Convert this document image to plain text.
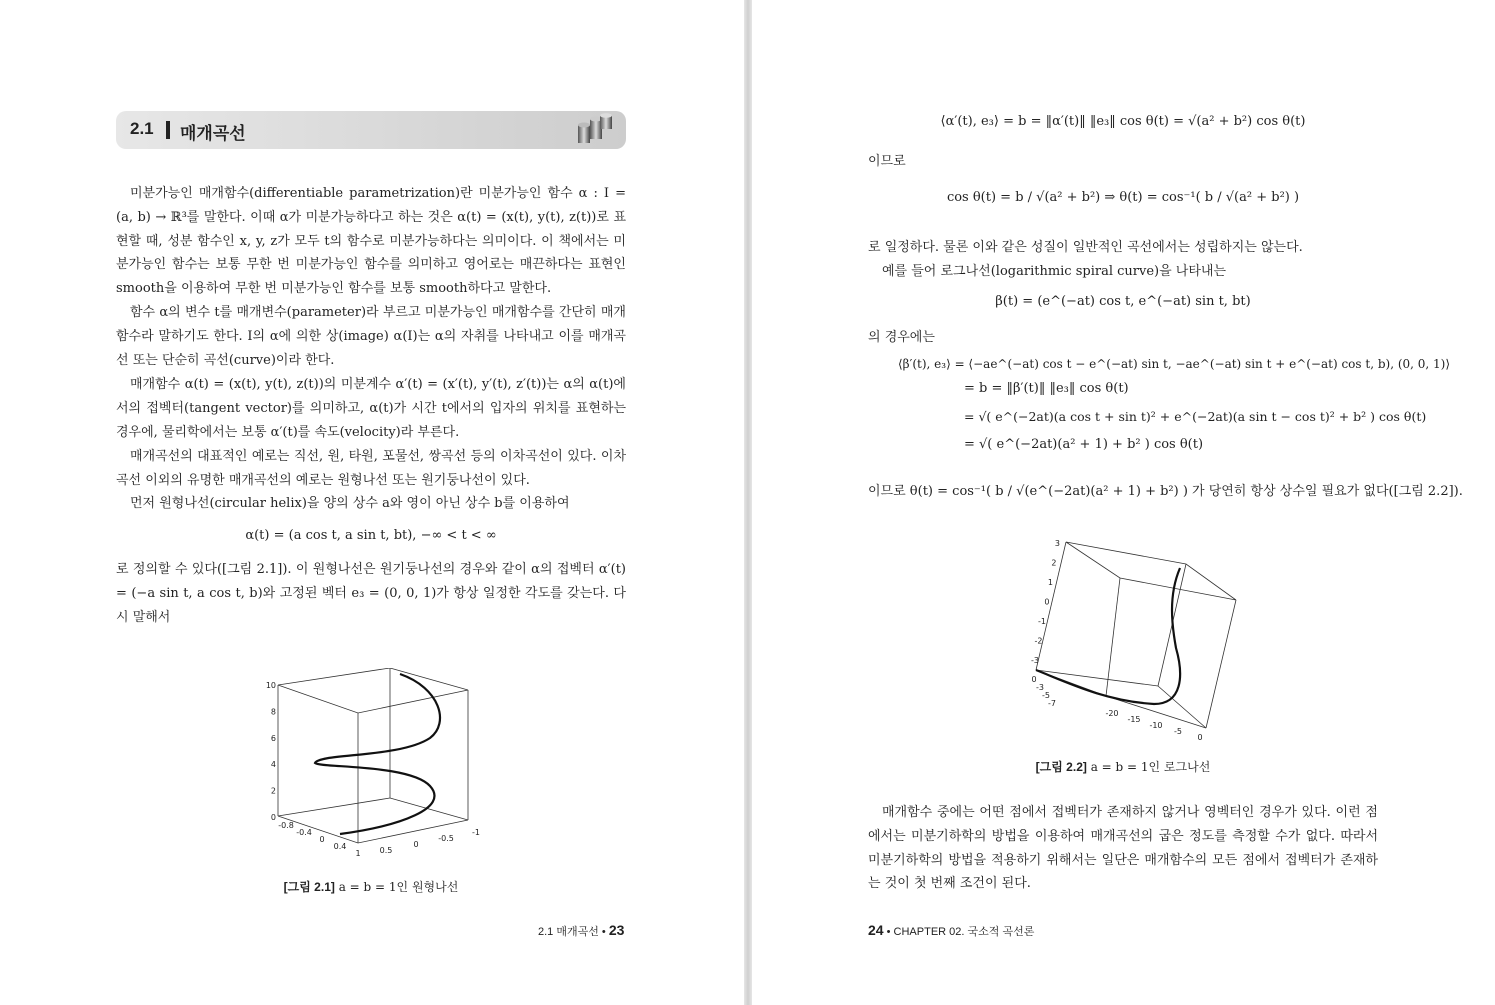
2.1 매개곡선

미분가능인 매개함수(differentiable parametrization)란 미분가능인 함수 α : I = (a, b) → ℝ³를 말한다. 이때 α가 미분가능하다고 하는 것은 α(t) = (x(t), y(t), z(t))로 표현할 때, 성분 함수인 x, y, z가 모두 t의 함수로 미분가능하다는 의미이다. 이 책에서는 미분가능인 함수는 보통 무한 번 미분가능인 함수를 의미하고 영어로는 매끈하다는 표현인 smooth을 이용하여 무한 번 미분가능인 함수를 보통 smooth하다고 말한다.

함수 α의 변수 t를 매개변수(parameter)라 부르고 미분가능인 매개함수를 간단히 매개함수라 말하기도 한다. I의 α에 의한 상(image) α(I)는 α의 자취를 나타내고 이를 매개곡선 또는 단순히 곡선(curve)이라 한다.

매개함수 α(t) = (x(t), y(t), z(t))의 미분계수 α′(t) = (x′(t), y′(t), z′(t))는 α의 α(t)에서의 접벡터(tangent vector)를 의미하고, α(t)가 시간 t에서의 입자의 위치를 표현하는 경우에, 물리학에서는 보통 α′(t)를 속도(velocity)라 부른다.

매개곡선의 대표적인 예로는 직선, 원, 타원, 포물선, 쌍곡선 등의 이차곡선이 있다. 이차곡선 이외의 유명한 매개곡선의 예로는 원형나선 또는 원기둥나선이 있다.

먼저 원형나선(circular helix)을 양의 상수 a와 영이 아닌 상수 b를 이용하여

α(t) = (a cos t, a sin t, bt), −∞ < t < ∞

로 정의할 수 있다([그림 2.1]). 이 원형나선은 원기둥나선의 경우와 같이 α의 접벡터 α′(t) = (−a sin t, a cos t, b)와 고정된 벡터 e₃ = (0, 0, 1)가 항상 일정한 각도를 갖는다. 다시 말해서

10
8
6
4
2
0
-0.8
-0.4
0
0.4
1 0.5
0
-0.5
-1
[그림 2.1] a = b = 1인 원형나선
2.1 매개곡선 • 23
⟨α′(t), e₃⟩ = b = ‖α′(t)‖ ‖e₃‖ cos θ(t) = √(a² + b²) cos θ(t)
이므로
cos θ(t) = b / √(a² + b²) ⇒ θ(t) = cos⁻¹( b / √(a² + b²) )
로 일정하다. 물론 이와 같은 성질이 일반적인 곡선에서는 성립하지는 않는다.
예를 들어 로그나선(logarithmic spiral curve)을 나타내는
β(t) = (e^(−at) cos t, e^(−at) sin t, bt)
의 경우에는
⟨β′(t), e₃⟩ = ⟨−ae^(−at) cos t − e^(−at) sin t, −ae^(−at) sin t + e^(−at) cos t, b), (0, 0, 1)⟩
= b = ‖β′(t)‖ ‖e₃‖ cos θ(t)
= √( e^(−2at)(a cos t + sin t)² + e^(−2at)(a sin t − cos t)² + b² ) cos θ(t)
= √( e^(−2at)(a² + 1) + b² ) cos θ(t)
이므로 θ(t) = cos⁻¹( b / √(e^(−2at)(a² + 1) + b²) ) 가 당연히 항상 상수일 필요가 없다([그림 2.2]).
3
2
1
0
-1
-2
-3
0
-3
-5
-7
-20
-15
-10
-5
0
[그림 2.2] a = b = 1인 로그나선

매개함수 중에는 어떤 점에서 접벡터가 존재하지 않거나 영벡터인 경우가 있다. 이런 점에서는 미분기하학의 방법을 이용하여 매개곡선의 굽은 정도를 측정할 수가 없다. 따라서 미분기하학의 방법을 적용하기 위해서는 일단은 매개함수의 모든 점에서 접벡터가 존재하는 것이 첫 번째 조건이 된다.

24 • CHAPTER 02. 국소적 곡선론
